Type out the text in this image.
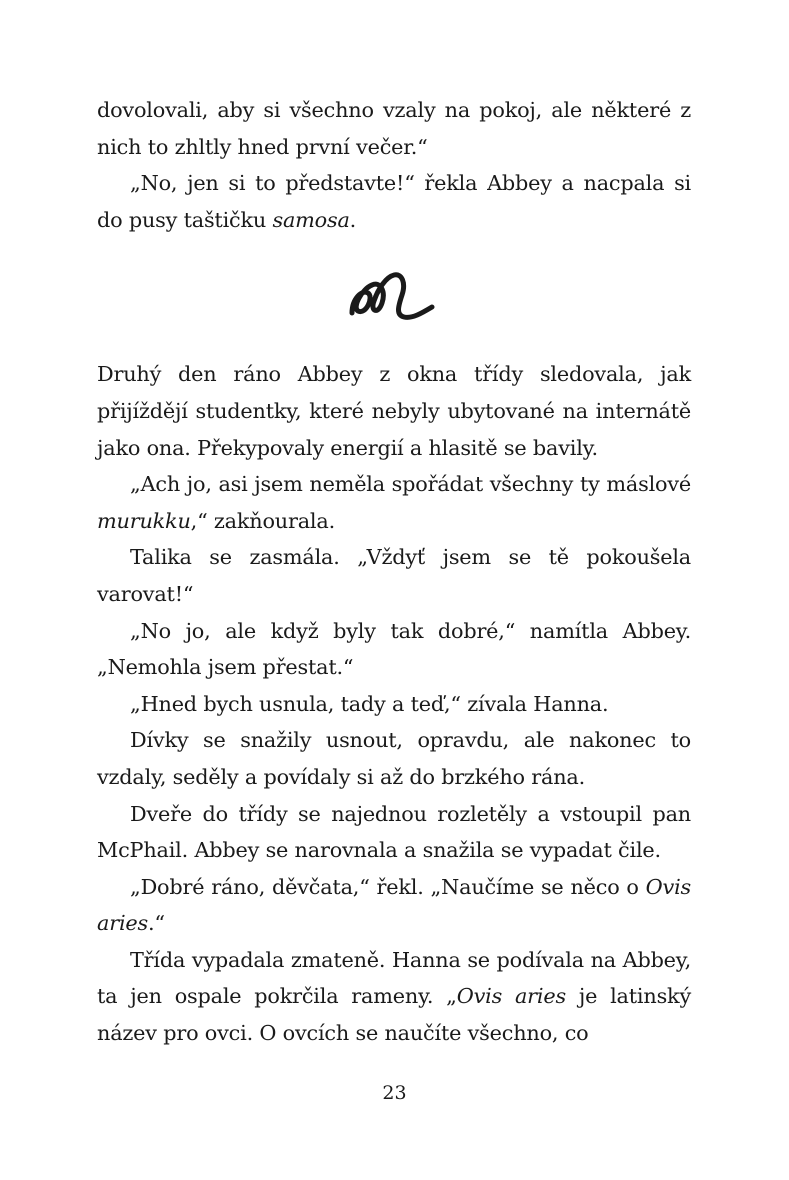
dovolovali, aby si všechno vzaly na pokoj, ale některé z nich to zhltly hned první večer.“

„No, jen si to představte!“ řekla Abbey a nacpala si do pusy taštičku samosa.

Druhý den ráno Abbey z okna třídy sledovala, jak přijíždějí studentky, které nebyly ubytované na internátě jako ona. Překypovaly energií a hlasitě se bavily.

„Ach jo, asi jsem neměla spořádat všechny ty máslové murukku,“ zakňourala.

Talika se zasmála. „Vždyť jsem se tě pokoušela varovat!“

„No jo, ale když byly tak dobré,“ namítla Abbey. „Nemohla jsem přestat.“

„Hned bych usnula, tady a teď,“ zívala Hanna.

Dívky se snažily usnout, opravdu, ale nakonec to vzdaly, seděly a povídaly si až do brzkého rána.

Dveře do třídy se najednou rozletěly a vstoupil pan McPhail. Abbey se narovnala a snažila se vypadat čile.

„Dobré ráno, děvčata,“ řekl. „Naučíme se něco o Ovis aries.“

Třída vypadala zmateně. Hanna se podívala na Abbey, ta jen ospale pokrčila rameny. „Ovis aries je latinský název pro ovci. O ovcích se naučíte všechno, co

23
